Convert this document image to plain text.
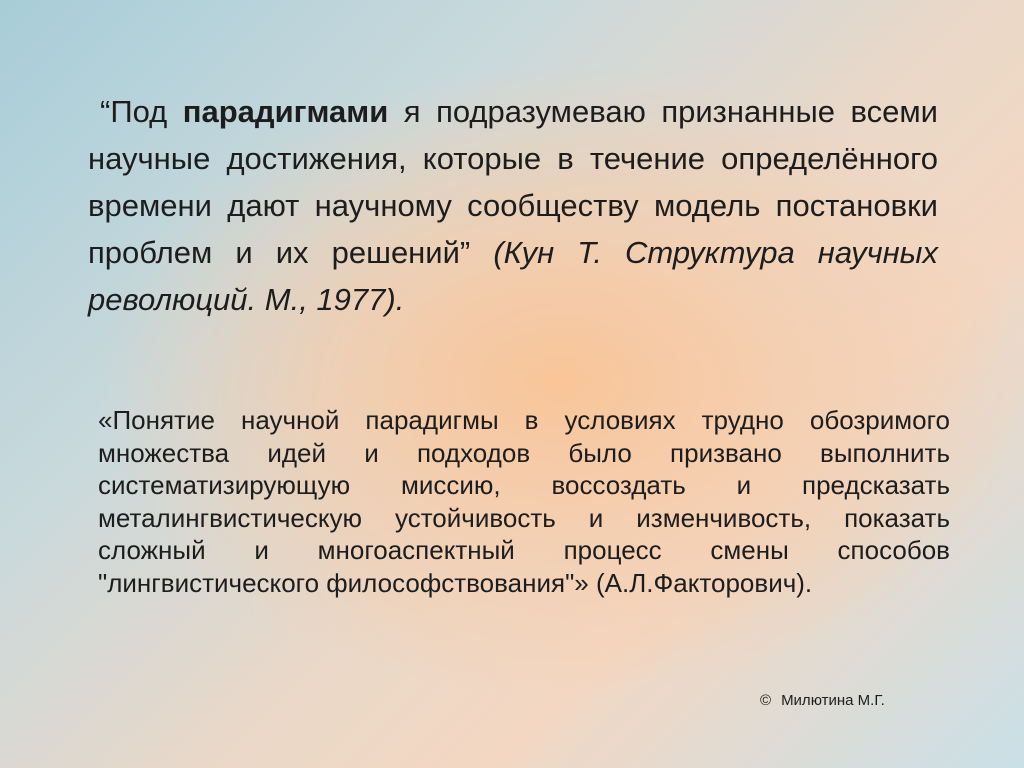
“Под парадигмами я подразумеваю признанные всеми научные достижения, которые в течение определённого времени дают научному сообществу модель постановки проблем и их решений” (Кун Т. Структура научных революций. М., 1977).

«Понятие научной парадигмы в условиях трудно обозримого множества идей и подходов было призвано выполнить систематизирующую миссию, воссоздать и предсказать металингвистическую устойчивость и изменчивость, показать сложный и многоаспектный процесс смены способов "лингвистического философствования"» (А.Л.Факторович).

© Милютина М.Г.
